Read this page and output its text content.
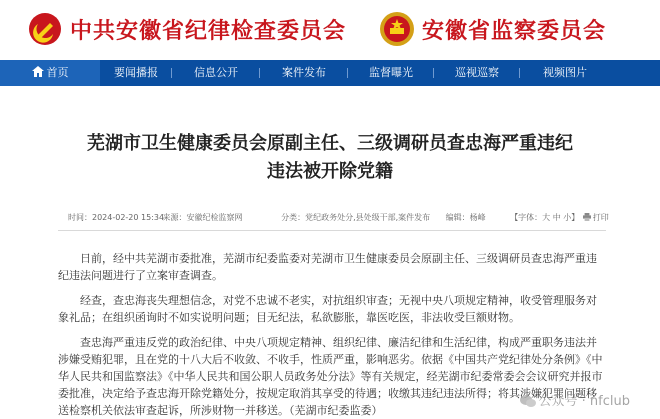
中共安徽省纪律检查委员会	安徽省监察委员会
首页	要闻播报	信息公开	案件发布	监督曝光	巡视巡察	视频图片
芜湖市卫生健康委员会原副主任、三级调研员查忠海严重违纪
违法被开除党籍
时间：2024-02-20 15:34 来源：安徽纪检监察网	分类：党纪政务处分,县处级干部,案件发布 编辑：杨峰	【字体：大 中 小】 打印

日前，经中共芜湖市委批准，芜湖市纪委监委对芜湖市卫生健康委员会原副主任、三级调研员查忠海严重违纪违法问题进行了立案审查调查。

经查，查忠海丧失理想信念，对党不忠诚不老实，对抗组织审查；无视中央八项规定精神，收受管理服务对象礼品；在组织函询时不如实说明问题；目无纪法，私欲膨胀，靠医吃医，非法收受巨额财物。

查忠海严重违反党的政治纪律、中央八项规定精神、组织纪律、廉洁纪律和生活纪律，构成严重职务违法并涉嫌受贿犯罪，且在党的十八大后不收敛、不收手，性质严重，影响恶劣。依据《中国共产党纪律处分条例》《中华人民共和国监察法》《中华人民共和国公职人员政务处分法》等有关规定，经芜湖市纪委常委会会议研究并报市委批准，决定给予查忠海开除党籍处分，按规定取消其享受的待遇；收缴其违纪违法所得；将其涉嫌犯罪问题移送检察机关依法审查起诉，所涉财物一并移送。（芜湖市纪委监委）	公众号 · nfclub
